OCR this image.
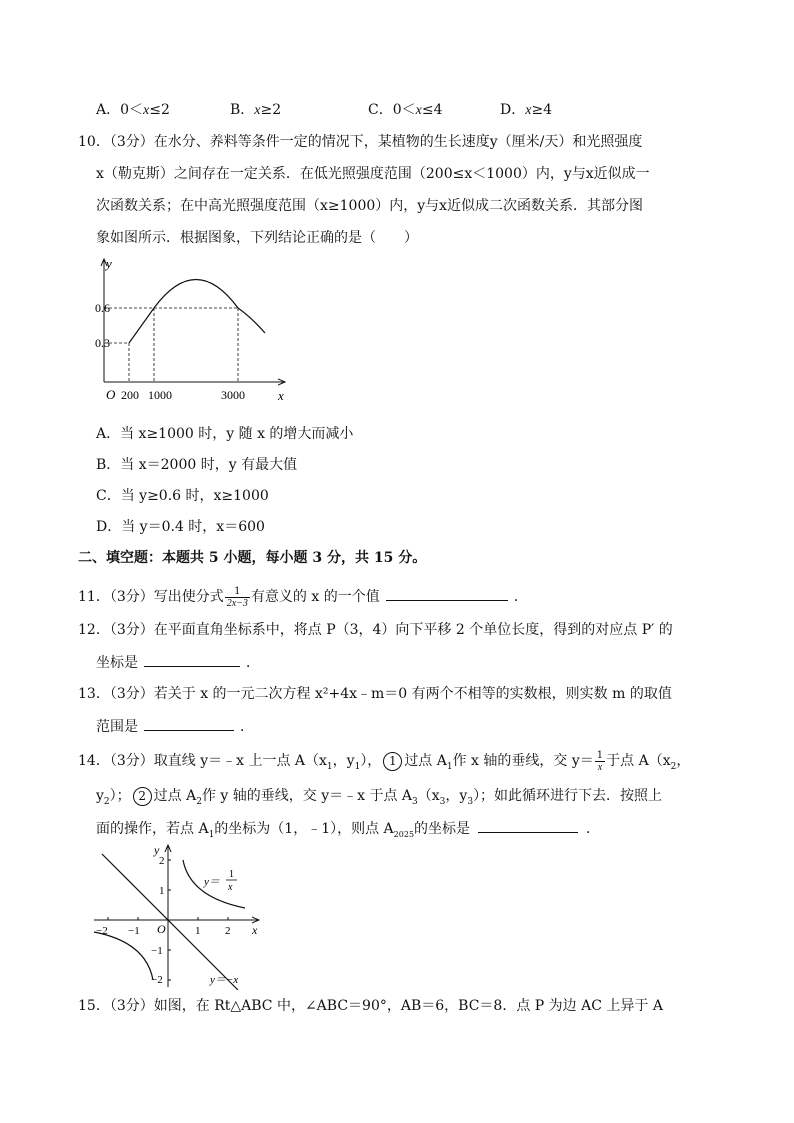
A．0＜x≤2	B．x≥2	C．0＜x≤4	D．x≥4
10．（3分）在水分、养料等条件一定的情况下，某植物的生长速度y（厘米/天）和光照强度
x（勒克斯）之间存在一定关系．在低光照强度范围（200≤x＜1000）内，y与x近似成一
次函数关系；在中高光照强度范围（x≥1000）内，y与x近似成二次函数关系．其部分图
象如图所示．根据图象，下列结论正确的是（　　）
y
x
O
0.6
0.3
200 1000	3000
A．当 x≥1000 时，y 随 x 的增大而减小
B．当 x＝2000 时，y 有最大值
C．当 y≥0.6 时，x≥1000
D．当 y＝0.4 时，x＝600
二、填空题：本题共 5 小题，每小题 3 分，共 15 分。
11．（3分）写出使分式 $\frac{1}{2x-3}$ 有意义的 x 的一个值	．
12．（3分）在平面直角坐标系中，将点 P（3，4）向下平移 2 个单位长度，得到的对应点 P′ 的
坐标是	．
13．（3分）若关于 x 的一元二次方程 x²+4x﹣m＝0 有两个不相等的实数根，则实数 m 的取值
范围是	．
14．（3分）取直线 y＝﹣x 上一点 $A(x_1$，$y_1$）， 1 过点 $A_1$作 x 轴的垂线，交 $y= \frac{1}{x}$ 于点 $A(x_2$，
$y_2$）； 2 过点 $A_2$作 y 轴的垂线，交 y＝﹣x 于点 $A_3(x_3$，$y_3$）；如此循环进行下去．按照上
面的操作，若点 $A_1$的坐标为（1，﹣1），则点 $A_{2025}$的坐标是	．
y
x
O
−2 −1	1 2
2
1
−1
−2
y＝
1
x
y＝−x
15．（3分）如图，在 Rt△ABC 中，∠ABC＝90°，AB＝6，BC＝8．点 P 为边 AC 上异于 A
